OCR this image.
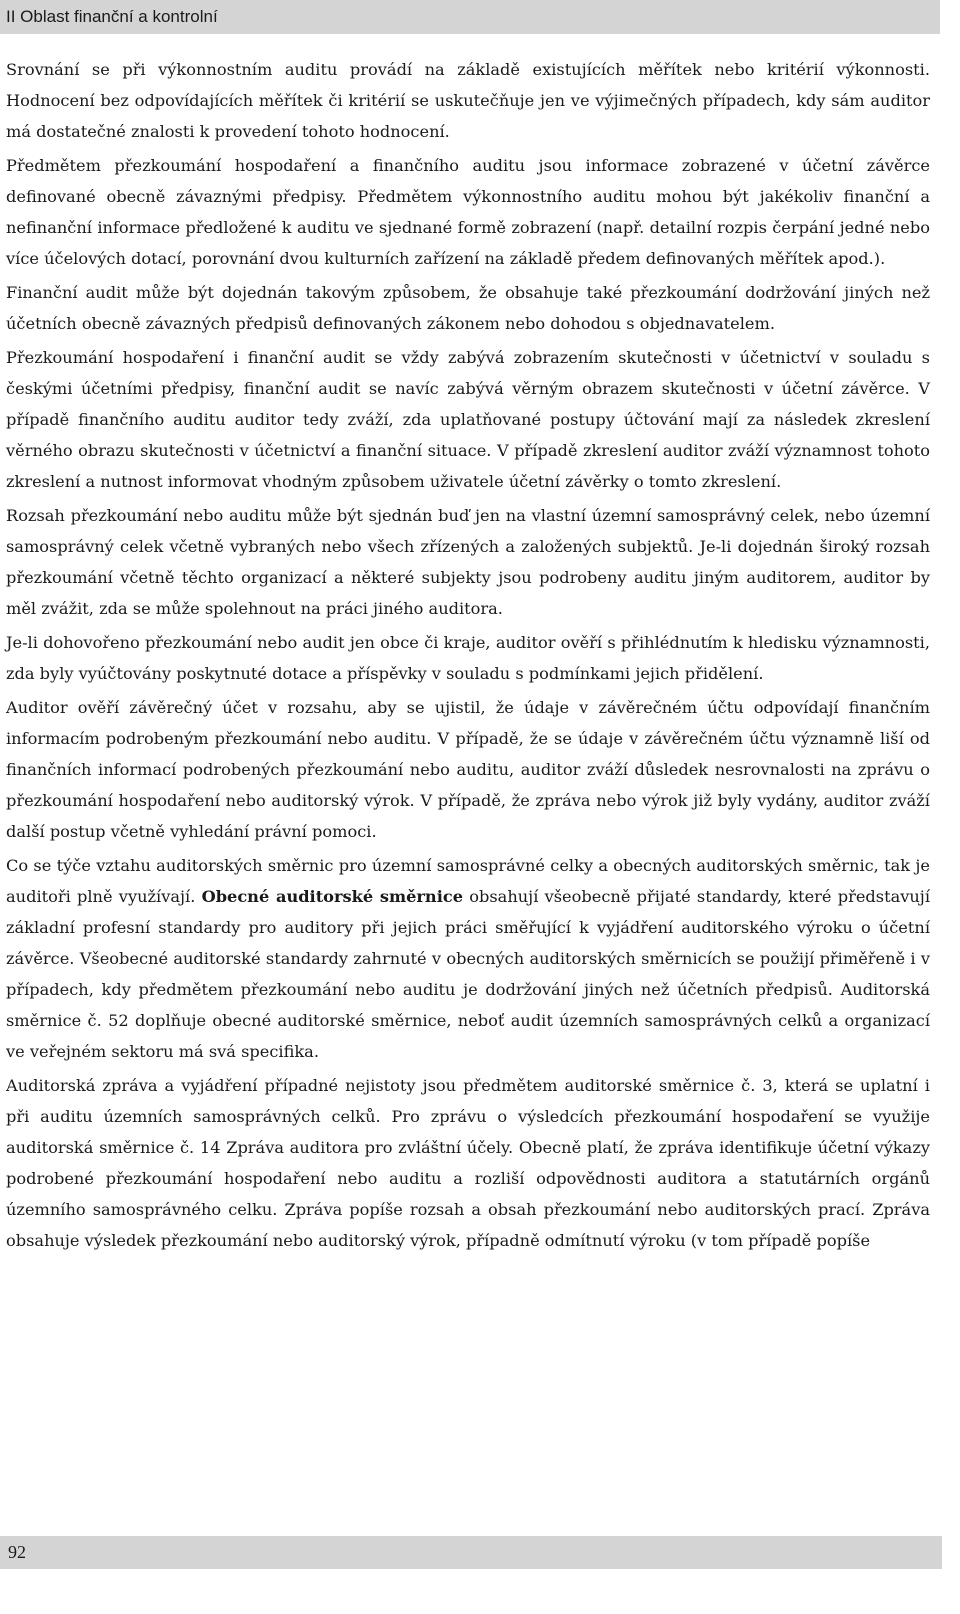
II Oblast finanční a kontrolní

Srovnání se při výkonnostním auditu provádí na základě existujících měřítek nebo kritérií výkonnosti. Hodnocení bez odpovídajících měřítek či kritérií se uskutečňuje jen ve výjimečných případech, kdy sám auditor má dostatečné znalosti k provedení tohoto hodnocení.

Předmětem přezkoumání hospodaření a finančního auditu jsou informace zobrazené v účetní závěrce definované obecně závaznými předpisy. Předmětem výkonnostního auditu mohou být jakékoliv finanční a nefinanční informace předložené k auditu ve sjednané formě zobrazení (např. detailní rozpis čerpání jedné nebo více účelových dotací, porovnání dvou kulturních zařízení na základě předem definovaných měřítek apod.).

Finanční audit může být dojednán takovým způsobem, že obsahuje také přezkoumání dodržování jiných než účetních obecně závazných předpisů definovaných zákonem nebo dohodou s objednavatelem.

Přezkoumání hospodaření i finanční audit se vždy zabývá zobrazením skutečnosti v účetnictví v souladu s českými účetními předpisy, finanční audit se navíc zabývá věrným obrazem skutečnosti v účetní závěrce. V případě finančního auditu auditor tedy zváží, zda uplatňované postupy účtování mají za následek zkreslení věrného obrazu skutečnosti v účetnictví a finanční situace. V případě zkreslení auditor zváží významnost tohoto zkreslení a nutnost informovat vhodným způsobem uživatele účetní závěrky o tomto zkreslení.

Rozsah přezkoumání nebo auditu může být sjednán buď jen na vlastní územní samosprávný celek, nebo územní samosprávný celek včetně vybraných nebo všech zřízených a založených subjektů. Je-li dojednán široký rozsah přezkoumání včetně těchto organizací a některé subjekty jsou podrobeny auditu jiným auditorem, auditor by měl zvážit, zda se může spolehnout na práci jiného auditora.

Je-li dohovořeno přezkoumání nebo audit jen obce či kraje, auditor ověří s přihlédnutím k hledisku významnosti, zda byly vyúčtovány poskytnuté dotace a příspěvky v souladu s podmínkami jejich přidělení.

Auditor ověří závěrečný účet v rozsahu, aby se ujistil, že údaje v závěrečném účtu odpovídají finančním informacím podrobeným přezkoumání nebo auditu. V případě, že se údaje v závěrečném účtu významně liší od finančních informací podrobených přezkoumání nebo auditu, auditor zváží důsledek nesrovnalosti na zprávu o přezkoumání hospodaření nebo auditorský výrok. V případě, že zpráva nebo výrok již byly vydány, auditor zváží další postup včetně vyhledání právní pomoci.

Co se týče vztahu auditorských směrnic pro územní samosprávné celky a obecných auditorských směrnic, tak je auditoři plně využívají. Obecné auditorské směrnice obsahují všeobecně přijaté standardy, které představují základní profesní standardy pro auditory při jejich práci směřující k vyjádření auditorského výroku o účetní závěrce. Všeobecné auditorské standardy zahrnuté v obecných auditorských směrnicích se použijí přiměřeně i v případech, kdy předmětem přezkoumání nebo auditu je dodržování jiných než účetních předpisů. Auditorská směrnice č. 52 doplňuje obecné auditorské směrnice, neboť audit územních samosprávných celků a organizací ve veřejném sektoru má svá specifika.

Auditorská zpráva a vyjádření případné nejistoty jsou předmětem auditorské směrnice č. 3, která se uplatní i při auditu územních samosprávných celků. Pro zprávu o výsledcích přezkoumání hospodaření se využije auditorská směrnice č. 14 Zpráva auditora pro zvláštní účely. Obecně platí, že zpráva identifikuje účetní výkazy podrobené přezkoumání hospodaření nebo auditu a rozliší odpovědnosti auditora a statutárních orgánů územního samosprávného celku. Zpráva popíše rozsah a obsah přezkoumání nebo auditorských prací. Zpráva obsahuje výsledek přezkoumání nebo auditorský výrok, případně odmítnutí výroku (v tom případě popíše

92
